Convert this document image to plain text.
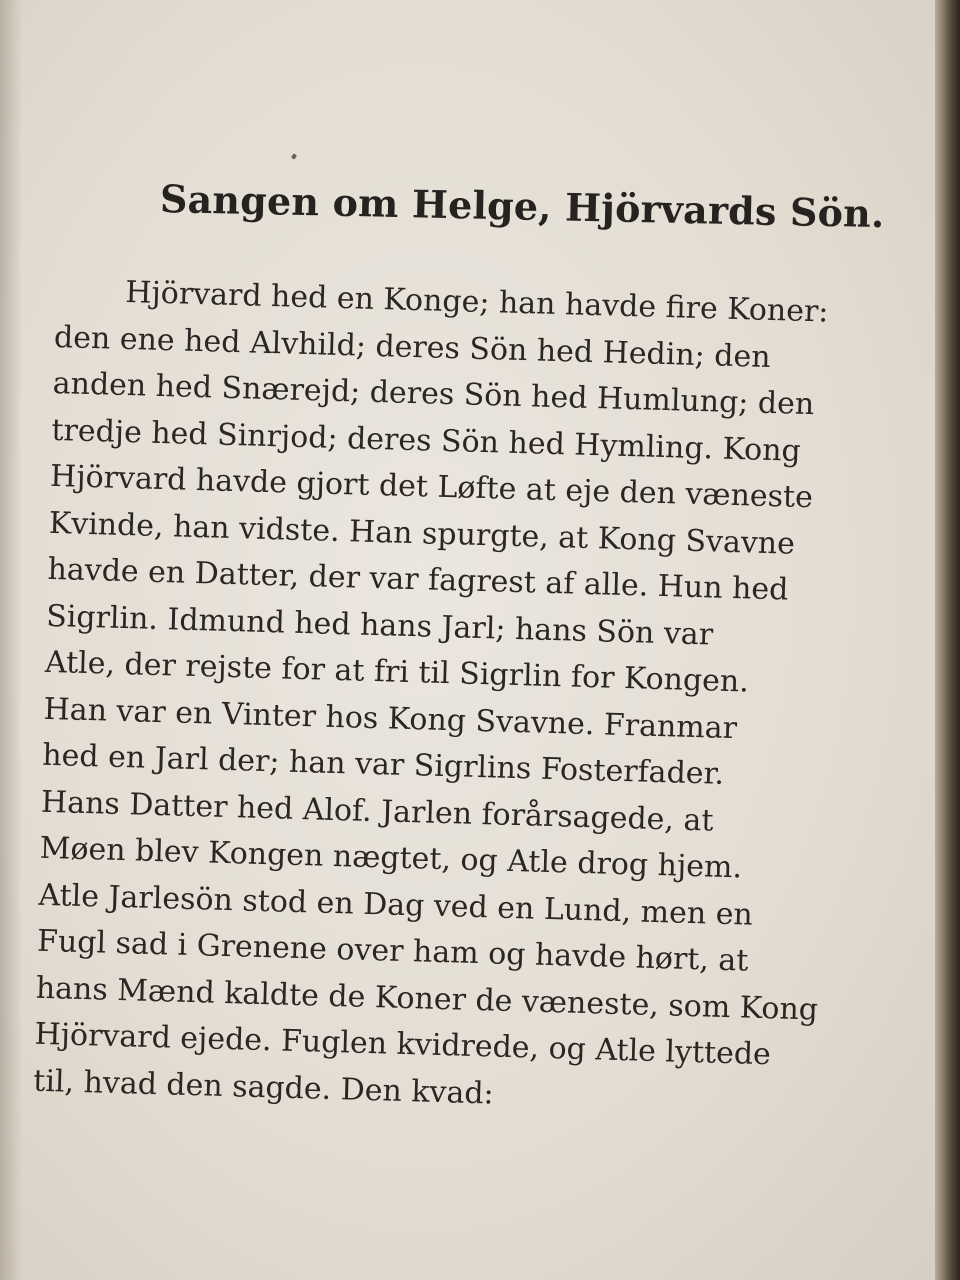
Sangen om Helge, Hjörvards Sön.
Hjörvard hed en Konge; han havde fire Koner:
den ene hed Alvhild; deres Sön hed Hedin; den
anden hed Snærejd; deres Sön hed Humlung; den
tredje hed Sinrjod; deres Sön hed Hymling. Kong
Hjörvard havde gjort det Løfte at eje den væneste
Kvinde, han vidste. Han spurgte, at Kong Svavne
havde en Datter, der var fagrest af alle. Hun hed
Sigrlin. Idmund hed hans Jarl; hans Sön var
Atle, der rejste for at fri til Sigrlin for Kongen.
Han var en Vinter hos Kong Svavne. Franmar
hed en Jarl der; han var Sigrlins Fosterfader.
Hans Datter hed Alof. Jarlen forårsagede, at
Møen blev Kongen nægtet, og Atle drog hjem.
Atle Jarlesön stod en Dag ved en Lund, men en
Fugl sad i Grenene over ham og havde hørt, at
hans Mænd kaldte de Koner de væneste, som Kong
Hjörvard ejede. Fuglen kvidrede, og Atle lyttede
til, hvad den sagde. Den kvad:
